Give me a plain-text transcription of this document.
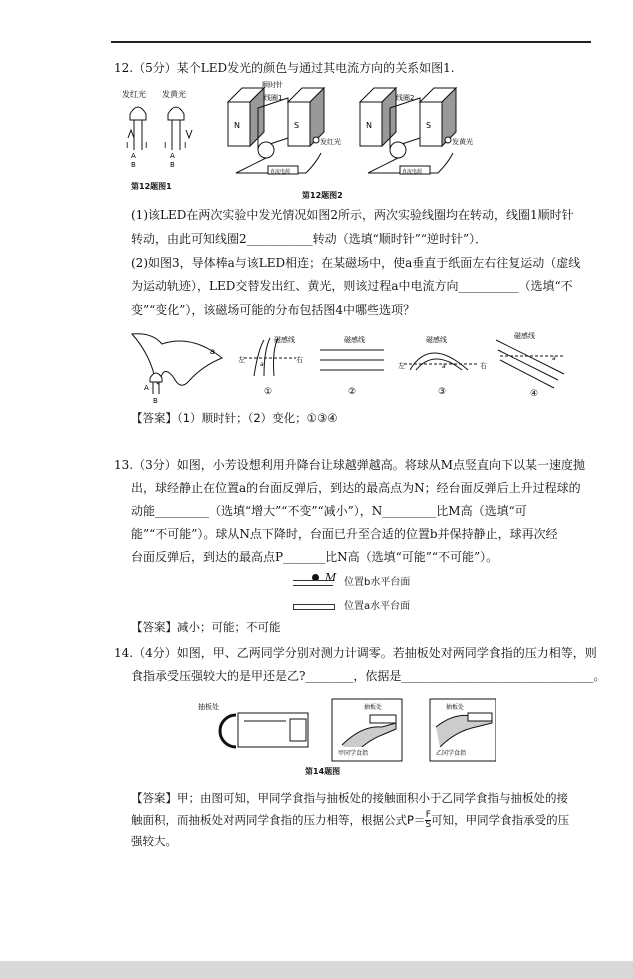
12.（5分）某个LED发光的颜色与通过其电流方向的关系如图1.
发红光 发黄光
I I I I
A
B
A
B
第12题图1
顺时针
线圈1
N	S
发红光
直流电源
线圈2
N	S
发黄光
直流电源
第12题图2
(1)该LED在两次实验中发光情况如图2所示，两次实验线圈均在转动，线圈1顺时针
转动，由此可知线圈2___________转动（选填“顺时针”“逆时针”）．
(2)如图3，导体棒a与该LED相连；在某磁场中，使a垂直于纸面左右往复运动（虚线
为运动轨迹），LED交替发出红、黄光，则该过程a中电流方向__________（选填“不
变”“变化”），该磁场可能的分布包括图4中哪些选项？
a
A
B
磁感线
左
a
右
①
磁感线
②
磁感线
左	右
a
③
磁感线
a
④
【答案】（1）顺时针；（2）变化；①③④
13.（3分）如图，小芳设想利用升降台让球越弹越高。将球从M点竖直向下以某一速度抛
出，球经静止在位置a的台面反弹后，到达的最高点为N；经台面反弹后上升过程球的
动能_________（选填“增大”“不变”“减小”），N_________比M高（选填“可
能”“不可能”）。球从N点下降时，台面已升至合适的位置b并保持静止，球再次经
台面反弹后，到达的最高点P_______比N高（选填“可能”“不可能”）。
M 位置b水平台面
位置a水平台面
【答案】减小；可能；不可能
14.（4分）如图，甲、乙两同学分别对测力计调零。若抽板处对两同学食指的压力相等，则
食指承受压强较大的是甲还是乙?________，依据是________________________________。
抽板处	抽板处
甲同学食指
抽板处
乙同学食指
第14题图
【答案】甲；由图可知，甲同学食指与抽板处的接触面积小于乙同学食指与抽板处的接
触面积，而抽板处对两同学食指的压力相等，根据公式$P= \frac{F}{S}$ 可知，甲同学食指承受的压
强较大。
